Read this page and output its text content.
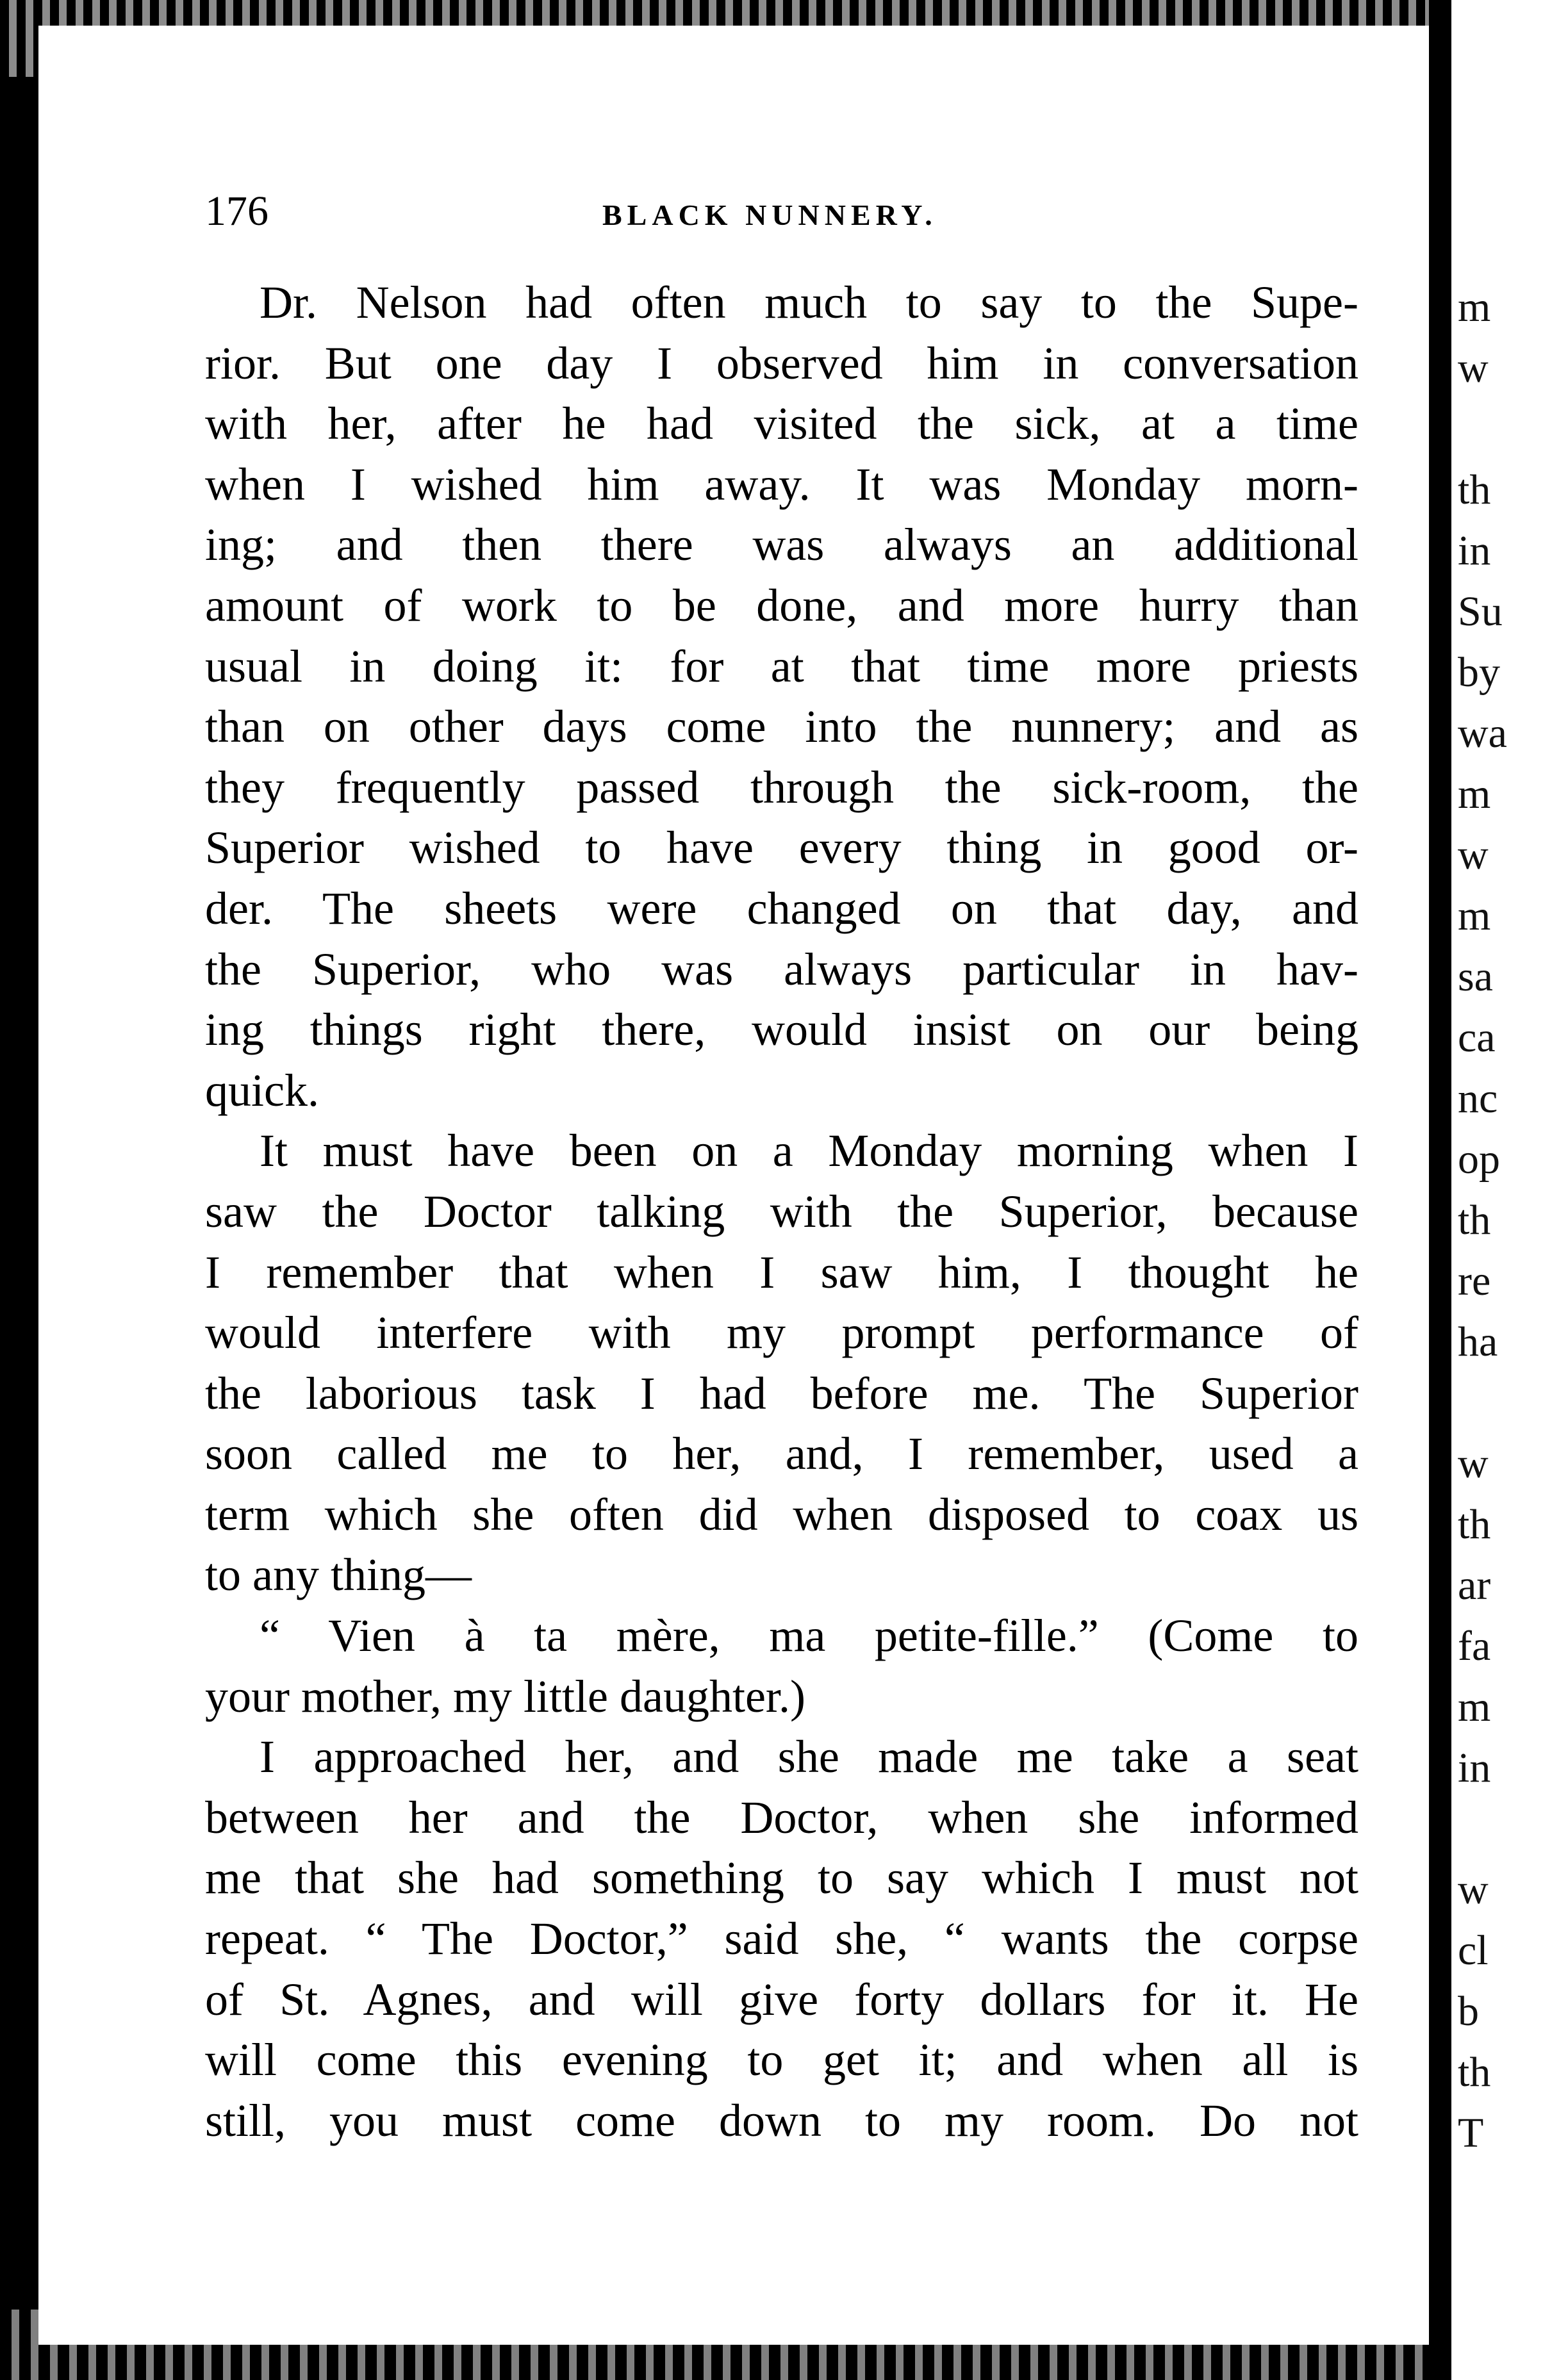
176	BLACK NUNNERY.
Dr. Nelson had often much to say to the Supe-
rior. But one day I observed him in conversation
with her, after he had visited the sick, at a time
when I wished him away. It was Monday morn-
ing; and then there was always an additional
amount of work to be done, and more hurry than
usual in doing it: for at that time more priests
than on other days come into the nunnery; and as
they frequently passed through the sick-room, the
Superior wished to have every thing in good or-
der. The sheets were changed on that day, and
the Superior, who was always particular in hav-
ing things right there, would insist on our being
quick.
It must have been on a Monday morning when I
saw the Doctor talking with the Superior, because
I remember that when I saw him, I thought he
would interfere with my prompt performance of
the laborious task I had before me. The Superior
soon called me to her, and, I remember, used a
term which she often did when disposed to coax us
to any thing—
“ Vien à ta mère, ma petite-fille.” (Come to
your mother, my little daughter.)
I approached her, and she made me take a seat
between her and the Doctor, when she informed
me that she had something to say which I must not
repeat. “ The Doctor,” said she, “ wants the corpse
of St. Agnes, and will give forty dollars for it. He
will come this evening to get it; and when all is
still, you must come down to my room. Do not
m
w
th
in
Su
by
wa
m
w
m
sa
ca
nc
op
th
re
ha
w
th
ar
fa
m
in
w
cl
b
th
T
